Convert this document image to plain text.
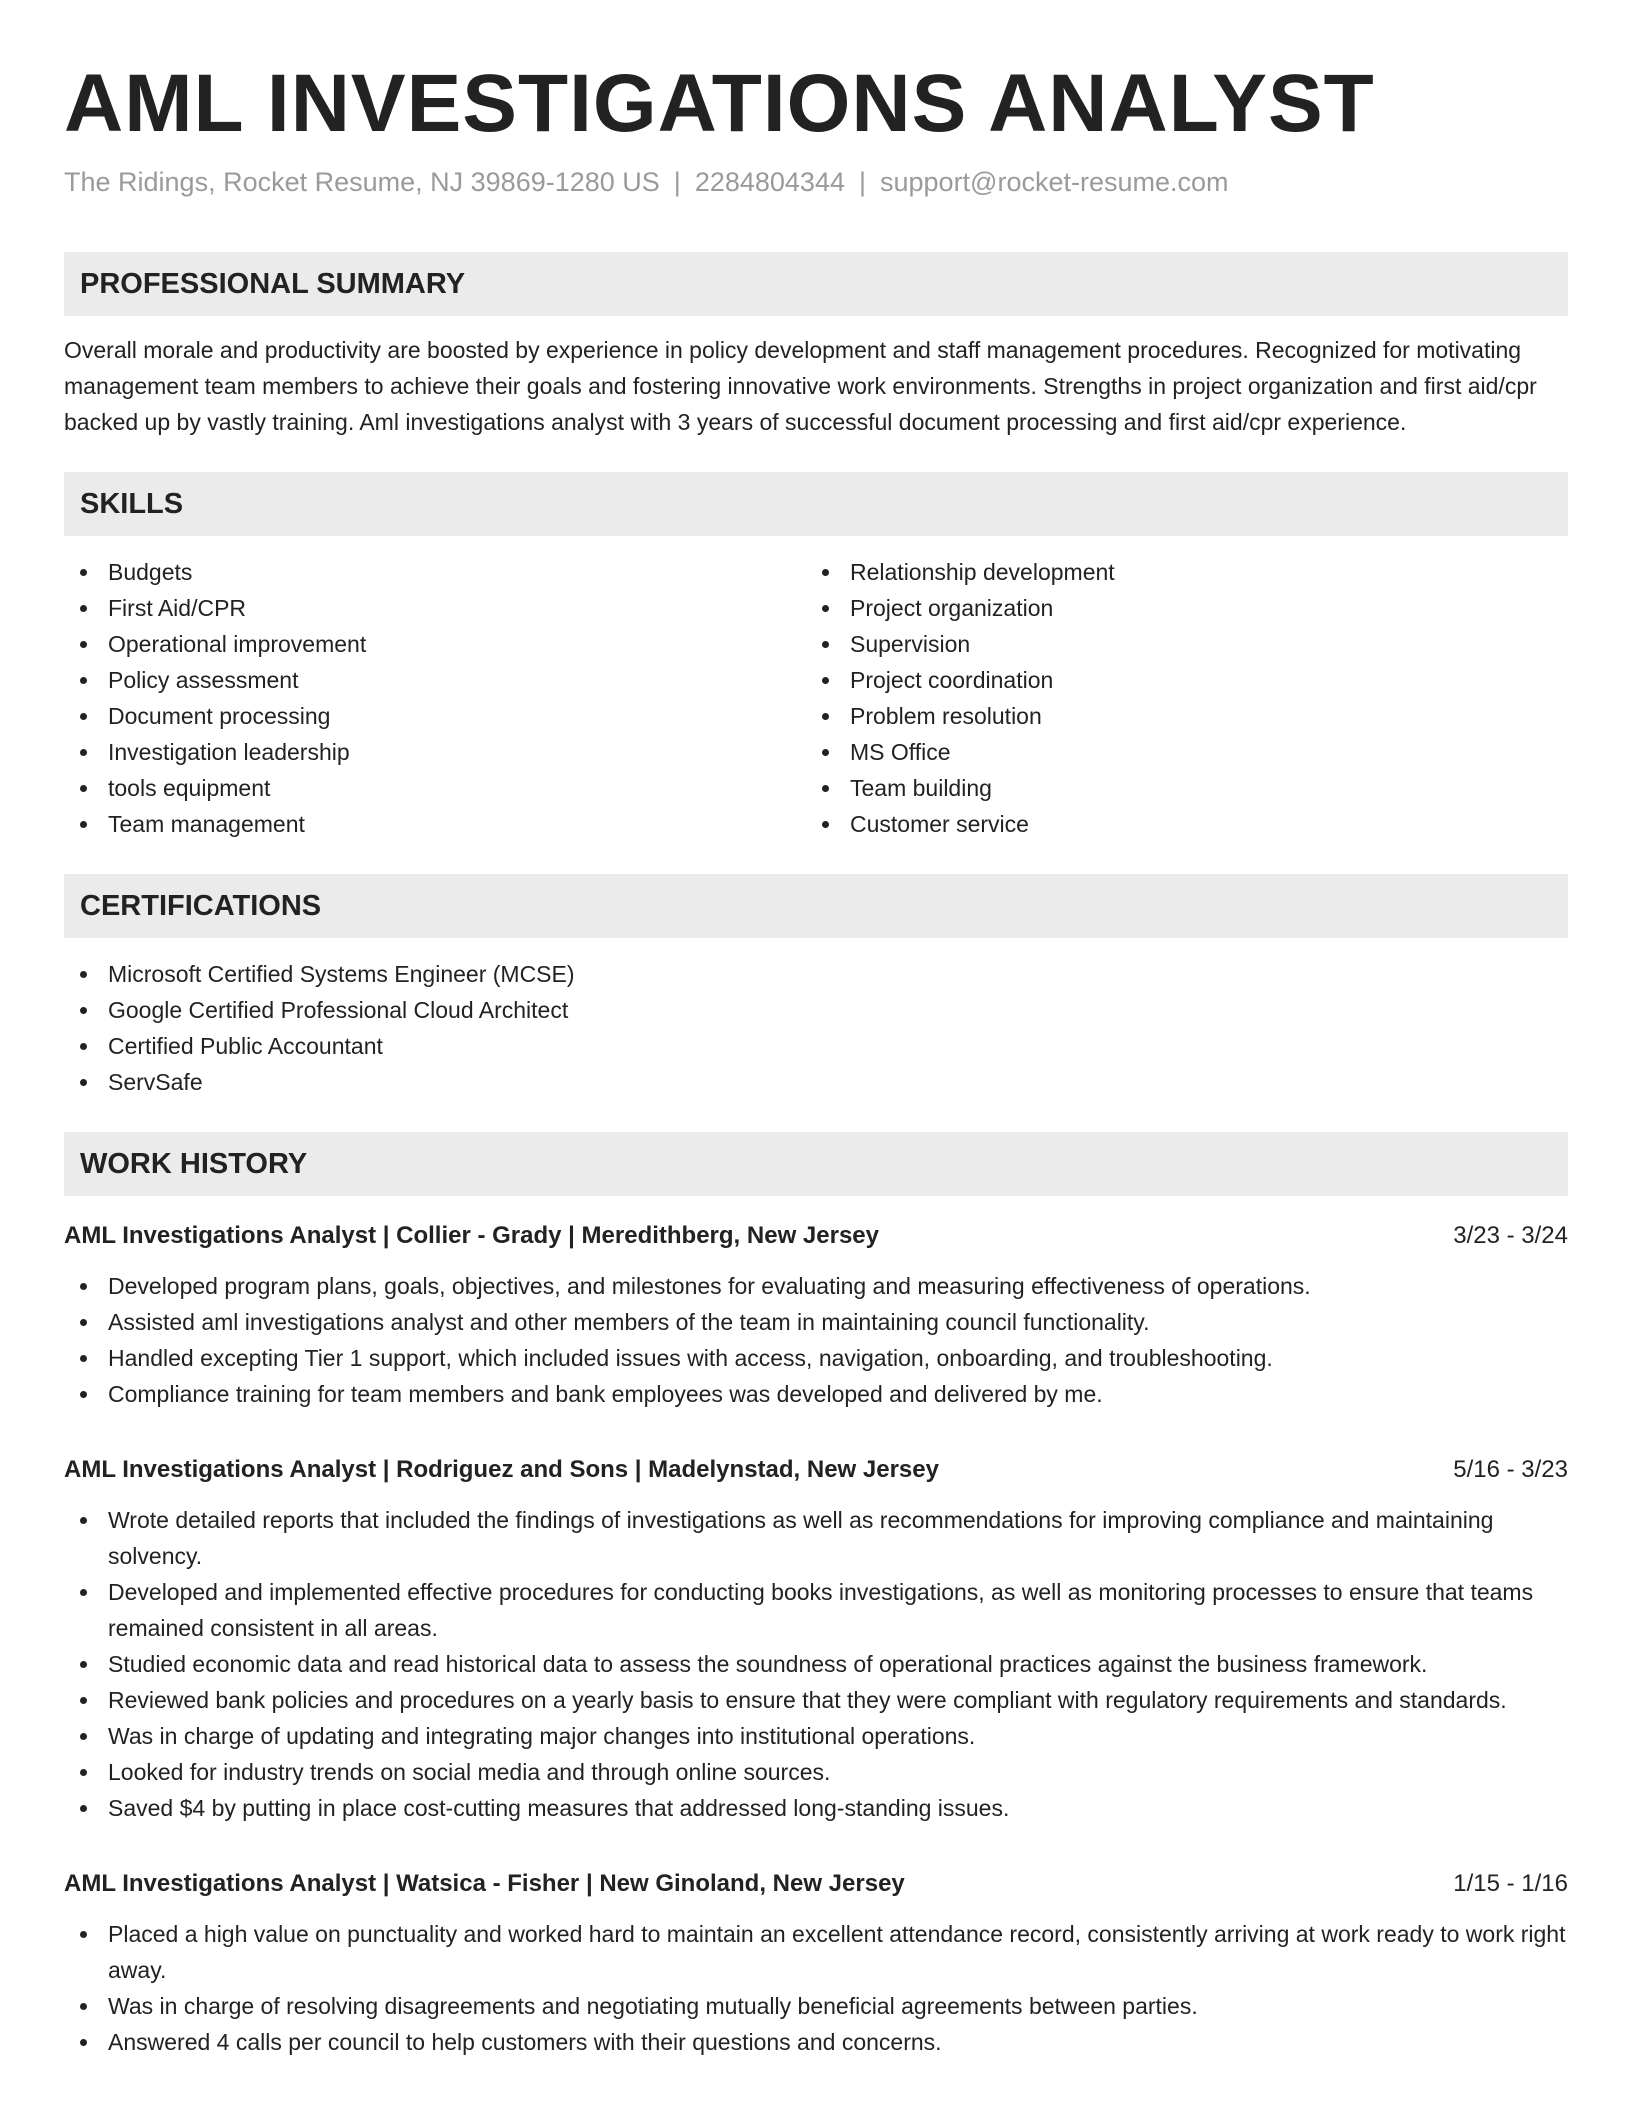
AML INVESTIGATIONS ANALYST
The Ridings, Rocket Resume, NJ 39869-1280 US | 2284804344 | support@rocket-resume.com
PROFESSIONAL SUMMARY

Overall morale and productivity are boosted by experience in policy development and staff management procedures. Recognized for motivating management team members to achieve their goals and fostering innovative work environments. Strengths in project organization and first aid/cpr backed up by vastly training. Aml investigations analyst with 3 years of successful document processing and first aid/cpr experience.

SKILLS
Budgets
First Aid/CPR
Operational improvement
Policy assessment
Document processing
Investigation leadership
tools equipment
Team management
Relationship development
Project organization
Supervision
Project coordination
Problem resolution
MS Office
Team building
Customer service
CERTIFICATIONS
Microsoft Certified Systems Engineer (MCSE)
Google Certified Professional Cloud Architect
Certified Public Accountant
ServSafe
WORK HISTORY
AML Investigations Analyst | Collier - Grady | Meredithberg, New Jersey	3/23 - 3/24
Developed program plans, goals, objectives, and milestones for evaluating and measuring effectiveness of operations.
Assisted aml investigations analyst and other members of the team in maintaining council functionality.
Handled excepting Tier 1 support, which included issues with access, navigation, onboarding, and troubleshooting.
Compliance training for team members and bank employees was developed and delivered by me.
AML Investigations Analyst | Rodriguez and Sons | Madelynstad, New Jersey	5/16 - 3/23
Wrote detailed reports that included the findings of investigations as well as recommendations for improving compliance and maintaining solvency.
Developed and implemented effective procedures for conducting books investigations, as well as monitoring processes to ensure that teams remained consistent in all areas.
Studied economic data and read historical data to assess the soundness of operational practices against the business framework.
Reviewed bank policies and procedures on a yearly basis to ensure that they were compliant with regulatory requirements and standards.
Was in charge of updating and integrating major changes into institutional operations.
Looked for industry trends on social media and through online sources.
Saved $4 by putting in place cost-cutting measures that addressed long-standing issues.
AML Investigations Analyst | Watsica - Fisher | New Ginoland, New Jersey	1/15 - 1/16
Placed a high value on punctuality and worked hard to maintain an excellent attendance record, consistently arriving at work ready to work right away.
Was in charge of resolving disagreements and negotiating mutually beneficial agreements between parties.
Answered 4 calls per council to help customers with their questions and concerns.
